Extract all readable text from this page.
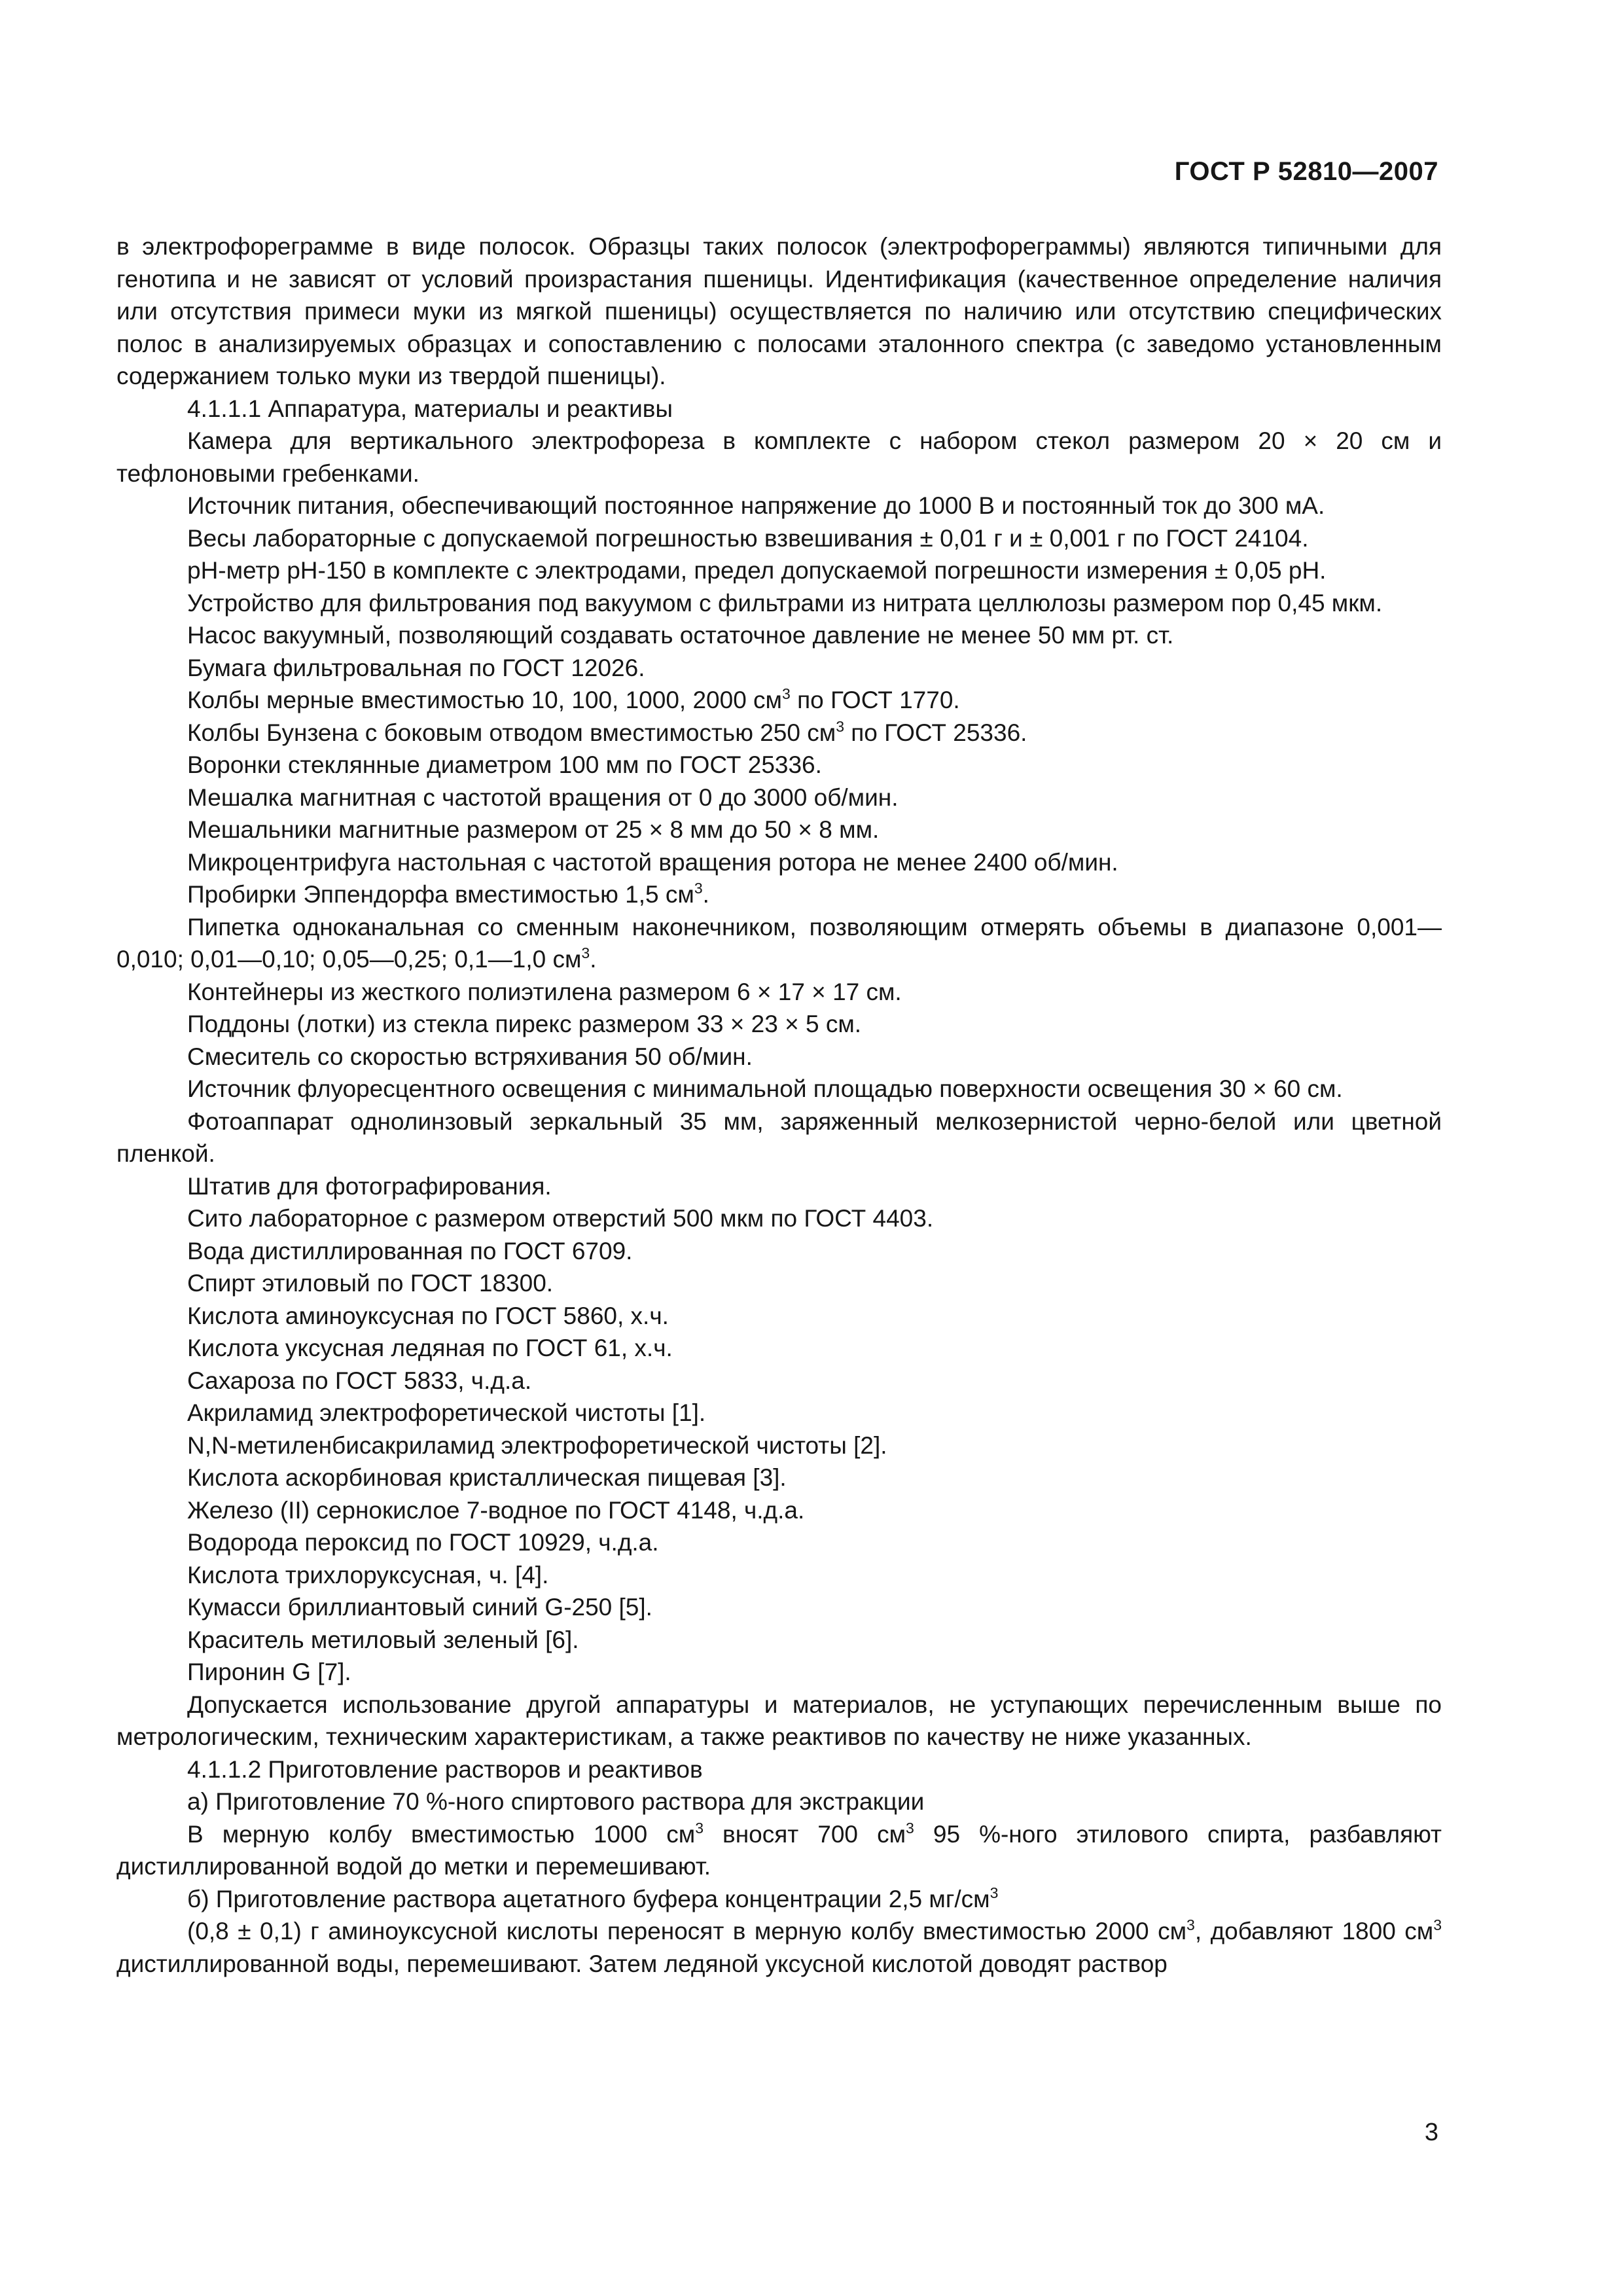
ГОСТ Р 52810—2007

в электрофореграмме в виде полосок. Образцы таких полосок (электрофореграммы) являются типичными для генотипа и не зависят от условий произрастания пшеницы. Идентификация (качественное определение наличия или отсутствия примеси муки из мягкой пшеницы) осуществляется по наличию или отсутствию специфических полос в анализируемых образцах и сопоставлению с полосами эталонного спектра (с заведомо установленным содержанием только муки из твердой пшеницы).

4.1.1.1 Аппаратура, материалы и реактивы

Камера для вертикального электрофореза в комплекте с набором стекол размером 20 × 20 см и тефлоновыми гребенками.

Источник питания, обеспечивающий постоянное напряжение до 1000 В и постоянный ток до 300 мА.

Весы лабораторные с допускаемой погрешностью взвешивания ± 0,01 г и ± 0,001 г по ГОСТ 24104.

рН-метр рН-150 в комплекте с электродами, предел допускаемой погрешности измерения ± 0,05 рН.

Устройство для фильтрования под вакуумом с фильтрами из нитрата целлюлозы размером пор 0,45 мкм.

Насос вакуумный, позволяющий создавать остаточное давление не менее 50 мм рт. ст.

Бумага фильтровальная по ГОСТ 12026.

Колбы мерные вместимостью 10, 100, 1000, 2000 $см^3$ по ГОСТ 1770.

Колбы Бунзена с боковым отводом вместимостью 250 $см^3$ по ГОСТ 25336.

Воронки стеклянные диаметром 100 мм по ГОСТ 25336.

Мешалка магнитная с частотой вращения от 0 до 3000 об/мин.

Мешальники магнитные размером от 25 × 8 мм до 50 × 8 мм.

Микроцентрифуга настольная с частотой вращения ротора не менее 2400 об/мин.

Пробирки Эппендорфа вместимостью 1,5 $см^3$.

Пипетка одноканальная со сменным наконечником, позволяющим отмерять объемы в диапазоне 0,001—0,010; 0,01—0,10; 0,05—0,25; 0,1—1,0 $см^3$.

Контейнеры из жесткого полиэтилена размером 6 × 17 × 17 см.

Поддоны (лотки) из стекла пирекс размером 33 × 23 × 5 см.

Смеситель со скоростью встряхивания 50 об/мин.

Источник флуоресцентного освещения с минимальной площадью поверхности освещения 30 × 60 см.

Фотоаппарат однолинзовый зеркальный 35 мм, заряженный мелкозернистой черно-белой или цветной пленкой.

Штатив для фотографирования.

Сито лабораторное с размером отверстий 500 мкм по ГОСТ 4403.

Вода дистиллированная по ГОСТ 6709.

Спирт этиловый по ГОСТ 18300.

Кислота аминоуксусная по ГОСТ 5860, х.ч.

Кислота уксусная ледяная по ГОСТ 61, х.ч.

Сахароза по ГОСТ 5833, ч.д.а.

Акриламид электрофоретической чистоты [1].

N,N-метиленбисакриламид электрофоретической чистоты [2].

Кислота аскорбиновая кристаллическая пищевая [3].

Железо (II) сернокислое 7-водное по ГОСТ 4148, ч.д.а.

Водорода пероксид по ГОСТ 10929, ч.д.а.

Кислота трихлоруксусная, ч. [4].

Кумасси бриллиантовый синий G-250 [5].

Краситель метиловый зеленый [6].

Пиронин G [7].

Допускается использование другой аппаратуры и материалов, не уступающих перечисленным выше по метрологическим, техническим характеристикам, а также реактивов по качеству не ниже указанных.

4.1.1.2 Приготовление растворов и реактивов

а) Приготовление 70 %-ного спиртового раствора для экстракции

В мерную колбу вместимостью 1000 $см^3$ вносят 700 $см^3$ 95 %-ного этилового спирта, разбавляют дистиллированной водой до метки и перемешивают.

б) Приготовление раствора ацетатного буфера концентрации 2,5 $мг/см^3$

(0,8 ± 0,1) г аминоуксусной кислоты переносят в мерную колбу вместимостью 2000 $см^3$, добавляют 1800 $см^3$ дистиллированной воды, перемешивают. Затем ледяной уксусной кислотой доводят раствор

3
